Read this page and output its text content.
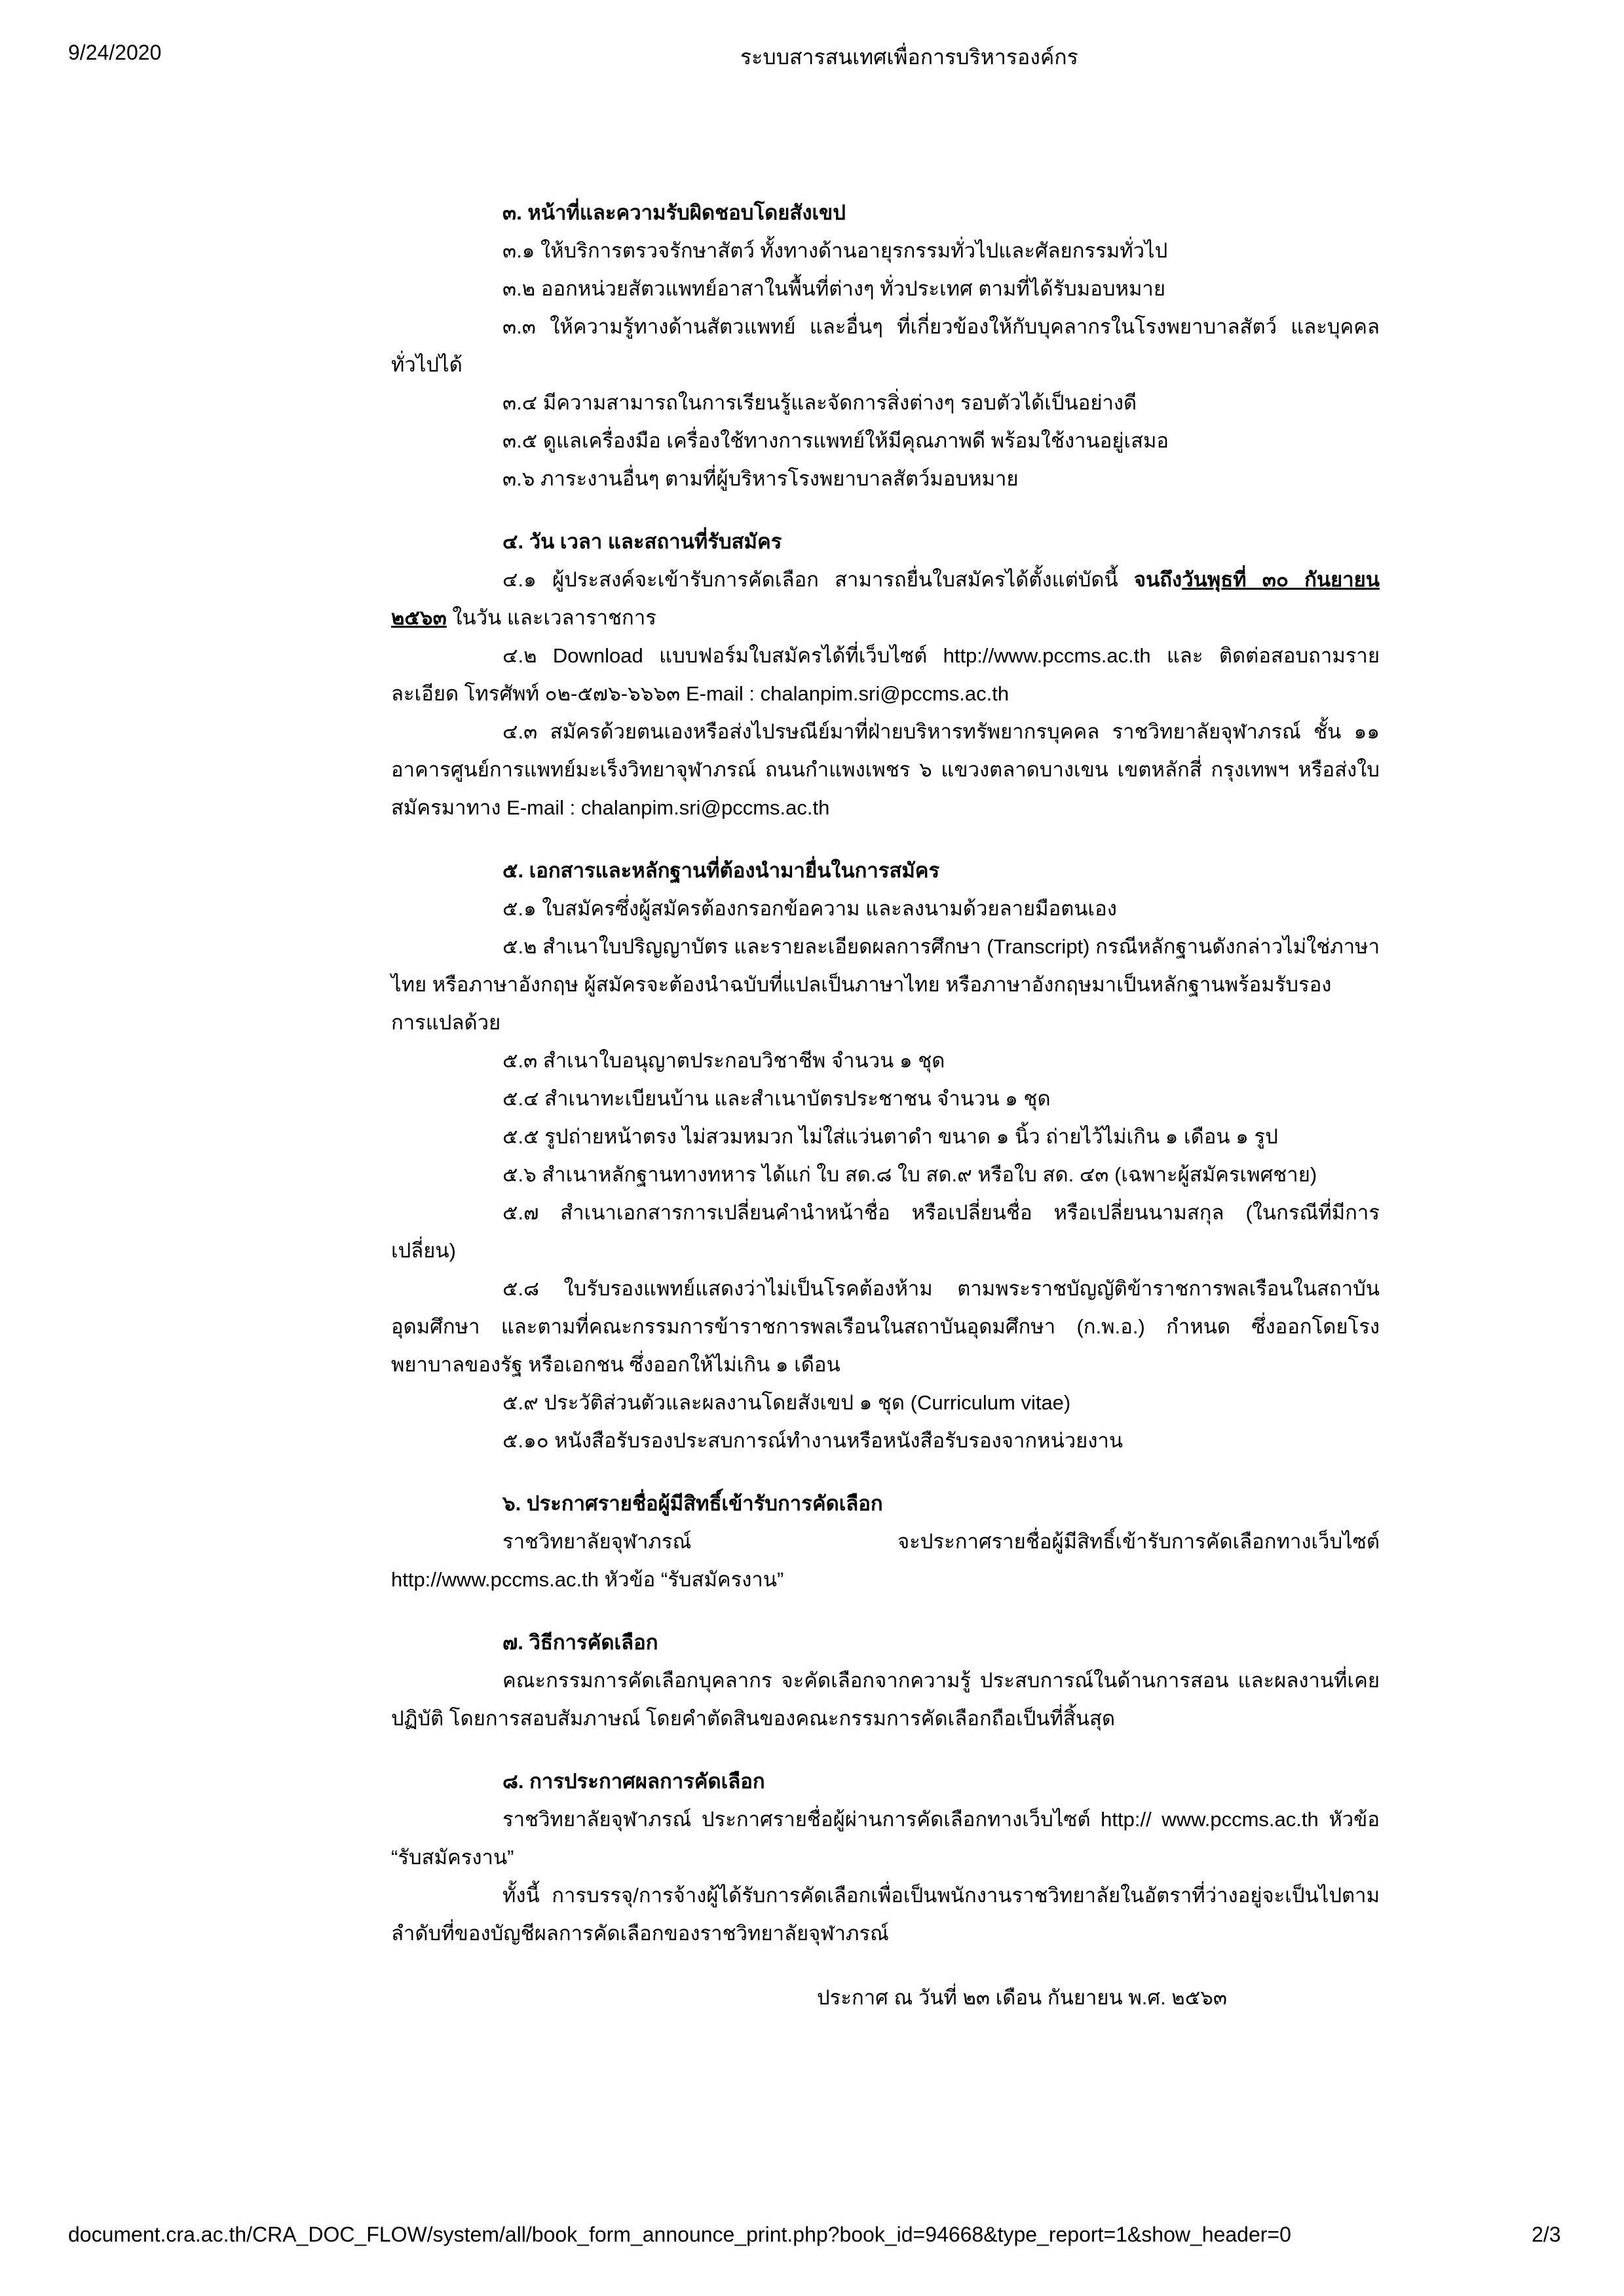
9/24/2020	ระบบสารสนเทศเพื่อการบริหารองค์กร

๓. หน้าที่และความรับผิดชอบโดยสังเขป

๓.๑ ให้บริการตรวจรักษาสัตว์ ทั้งทางด้านอายุรกรรมทั่วไปและศัลยกรรมทั่วไป

๓.๒ ออกหน่วยสัตวแพทย์อาสาในพื้นที่ต่างๆ ทั่วประเทศ ตามที่ได้รับมอบหมาย

๓.๓ ให้ความรู้ทางด้านสัตวแพทย์ และอื่นๆ ที่เกี่ยวข้องให้กับบุคลากรในโรงพยาบาลสัตว์ และบุคคลทั่วไปได้

๓.๔ มีความสามารถในการเรียนรู้และจัดการสิ่งต่างๆ รอบตัวได้เป็นอย่างดี

๓.๕ ดูแลเครื่องมือ เครื่องใช้ทางการแพทย์ให้มีคุณภาพดี พร้อมใช้งานอยู่เสมอ

๓.๖ ภาระงานอื่นๆ ตามที่ผู้บริหารโรงพยาบาลสัตว์มอบหมาย

๔. วัน เวลา และสถานที่รับสมัคร

๔.๑ ผู้ประสงค์จะเข้ารับการคัดเลือก สามารถยื่นใบสมัครได้ตั้งแต่บัดนี้ จนถึงวันพุธที่ ๓๐ กันยายน ๒๕๖๓ ในวัน และเวลาราชการ

๔.๒ Download แบบฟอร์มใบสมัครได้ที่เว็บไซต์ http://www.pccms.ac.th และ ติดต่อสอบถามรายละเอียด โทรศัพท์ ๐๒-๕๗๖-๖๖๖๓ E-mail : chalanpim.sri@pccms.ac.th

๔.๓ สมัครด้วยตนเองหรือส่งไปรษณีย์มาที่ฝ่ายบริหารทรัพยากรบุคคล ราชวิทยาลัยจุฬาภรณ์ ชั้น ๑๑ อาคารศูนย์การแพทย์มะเร็งวิทยาจุฬาภรณ์ ถนนกำแพงเพชร ๖ แขวงตลาดบางเขน เขตหลักสี่ กรุงเทพฯ หรือส่งใบสมัครมาทาง E-mail : chalanpim.sri@pccms.ac.th

๕. เอกสารและหลักฐานที่ต้องนำมายื่นในการสมัคร

๕.๑ ใบสมัครซึ่งผู้สมัครต้องกรอกข้อความ และลงนามด้วยลายมือตนเอง

๕.๒ สำเนาใบปริญญาบัตร และรายละเอียดผลการศึกษา (Transcript) กรณีหลักฐานดังกล่าวไม่ใช่ภาษาไทย หรือภาษาอังกฤษ ผู้สมัครจะต้องนำฉบับที่แปลเป็นภาษาไทย หรือภาษาอังกฤษมาเป็นหลักฐานพร้อมรับรอง

การแปลด้วย

๕.๓ สำเนาใบอนุญาตประกอบวิชาชีพ จำนวน ๑ ชุด

๕.๔ สำเนาทะเบียนบ้าน และสำเนาบัตรประชาชน จำนวน ๑ ชุด

๕.๕ รูปถ่ายหน้าตรง ไม่สวมหมวก ไม่ใส่แว่นตาดำ ขนาด ๑ นิ้ว ถ่ายไว้ไม่เกิน ๑ เดือน ๑ รูป

๕.๖ สำเนาหลักฐานทางทหาร ได้แก่ ใบ สด.๘ ใบ สด.๙ หรือใบ สด. ๔๓ (เฉพาะผู้สมัครเพศชาย)

๕.๗ สำเนาเอกสารการเปลี่ยนคำนำหน้าชื่อ หรือเปลี่ยนชื่อ หรือเปลี่ยนนามสกุล (ในกรณีที่มีการเปลี่ยน)

๕.๘ ใบรับรองแพทย์แสดงว่าไม่เป็นโรคต้องห้าม ตามพระราชบัญญัติข้าราชการพลเรือนในสถาบันอุดมศึกษา และตามที่คณะกรรมการข้าราชการพลเรือนในสถาบันอุดมศึกษา (ก.พ.อ.) กำหนด ซึ่งออกโดยโรงพยาบาลของรัฐ หรือเอกชน ซึ่งออกให้ไม่เกิน ๑ เดือน

๕.๙ ประวัติส่วนตัวและผลงานโดยสังเขป ๑ ชุด (Curriculum vitae)

๕.๑๐ หนังสือรับรองประสบการณ์ทำงานหรือหนังสือรับรองจากหน่วยงาน

๖. ประกาศรายชื่อผู้มีสิทธิ์เข้ารับการคัดเลือก

ราชวิทยาลัยจุฬาภรณ์ จะประกาศรายชื่อผู้มีสิทธิ์เข้ารับการคัดเลือกทางเว็บไซต์ http://www.pccms.ac.th หัวข้อ “รับสมัครงาน”

๗. วิธีการคัดเลือก

คณะกรรมการคัดเลือกบุคลากร จะคัดเลือกจากความรู้ ประสบการณ์ในด้านการสอน และผลงานที่เคยปฏิบัติ โดยการสอบสัมภาษณ์ โดยคำตัดสินของคณะกรรมการคัดเลือกถือเป็นที่สิ้นสุด

๘. การประกาศผลการคัดเลือก

ราชวิทยาลัยจุฬาภรณ์ ประกาศรายชื่อผู้ผ่านการคัดเลือกทางเว็บไซต์ http:// www.pccms.ac.th หัวข้อ “รับสมัครงาน”

ทั้งนี้ การบรรจุ/การจ้างผู้ได้รับการคัดเลือกเพื่อเป็นพนักงานราชวิทยาลัยในอัตราที่ว่างอยู่จะเป็นไปตามลำดับที่ของบัญชีผลการคัดเลือกของราชวิทยาลัยจุฬาภรณ์

ประกาศ ณ วันที่ ๒๓ เดือน กันยายน พ.ศ. ๒๕๖๓

document.cra.ac.th/CRA_DOC_FLOW/system/all/book_form_announce_print.php?book_id=94668&type_report=1&show_header=0	2/3
